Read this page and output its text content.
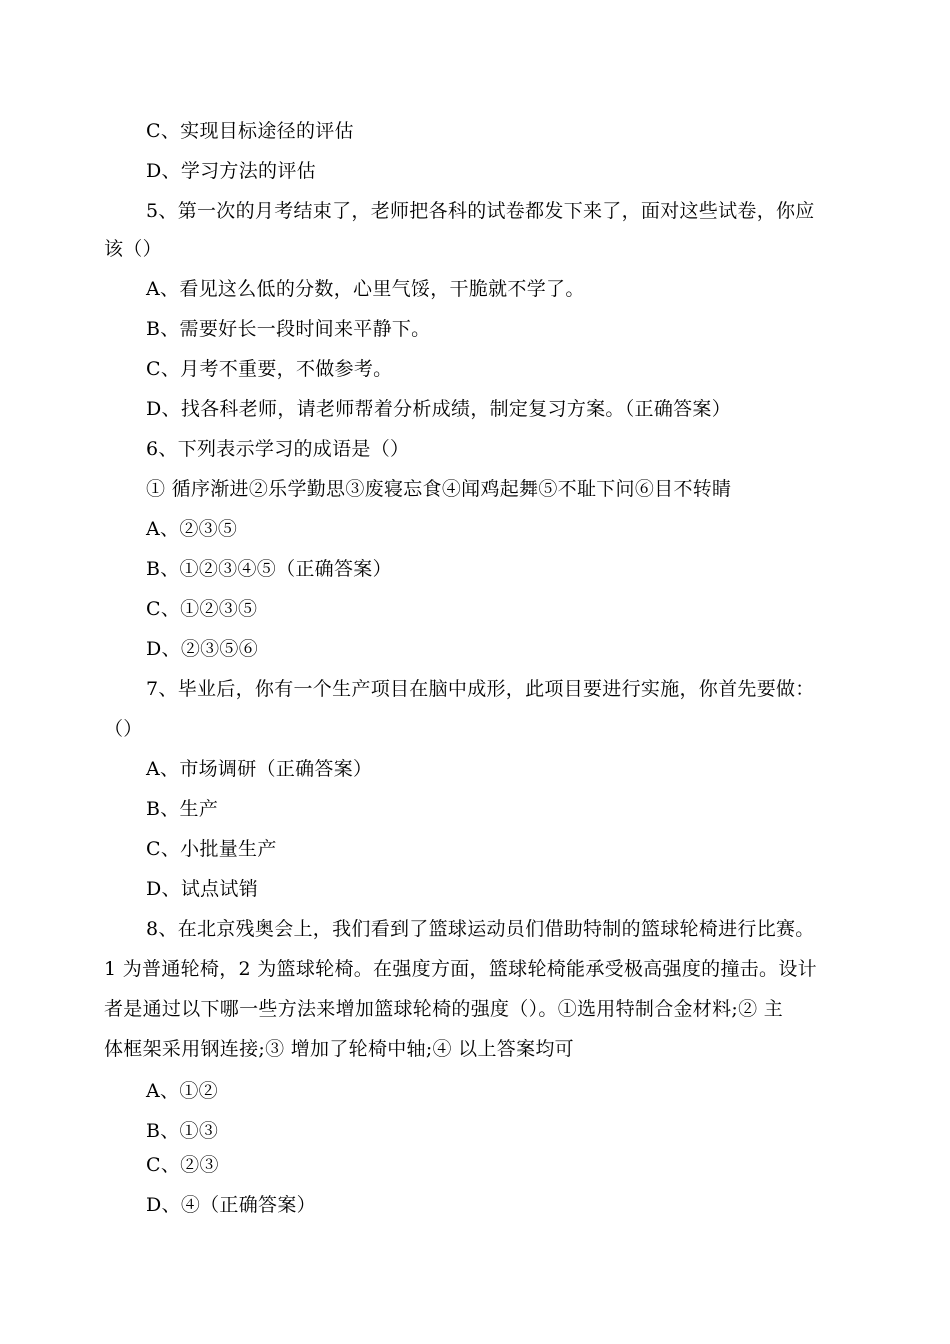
C、实现目标途径的评估
D、学习方法的评估
5、第一次的月考结束了，老师把各科的试卷都发下来了，面对这些试卷，你应
该（）
A、看见这么低的分数，心里气馁，干脆就不学了。
B、需要好长一段时间来平静下。
C、月考不重要，不做参考。
D、找各科老师，请老师帮着分析成绩，制定复习方案。（正确答案）
6、下列表示学习的成语是（）
① 循序渐进②乐学勤思③废寝忘食④闻鸡起舞⑤不耻下问⑥目不转睛
A、②③⑤
B、①②③④⑤（正确答案）
C、①②③⑤
D、②③⑤⑥
7、毕业后，你有一个生产项目在脑中成形，此项目要进行实施，你首先要做：
（）
A、市场调研（正确答案）
B、生产
C、小批量生产
D、试点试销
8、在北京残奥会上，我们看到了篮球运动员们借助特制的篮球轮椅进行比赛。
1 为普通轮椅，2 为篮球轮椅。在强度方面，篮球轮椅能承受极高强度的撞击。设计
者是通过以下哪一些方法来增加篮球轮椅的强度（）。①选用特制合金材料;② 主
体框架采用钢连接;③ 增加了轮椅中轴;④ 以上答案均可
A、①②
B、①③
C、②③
D、④（正确答案）
